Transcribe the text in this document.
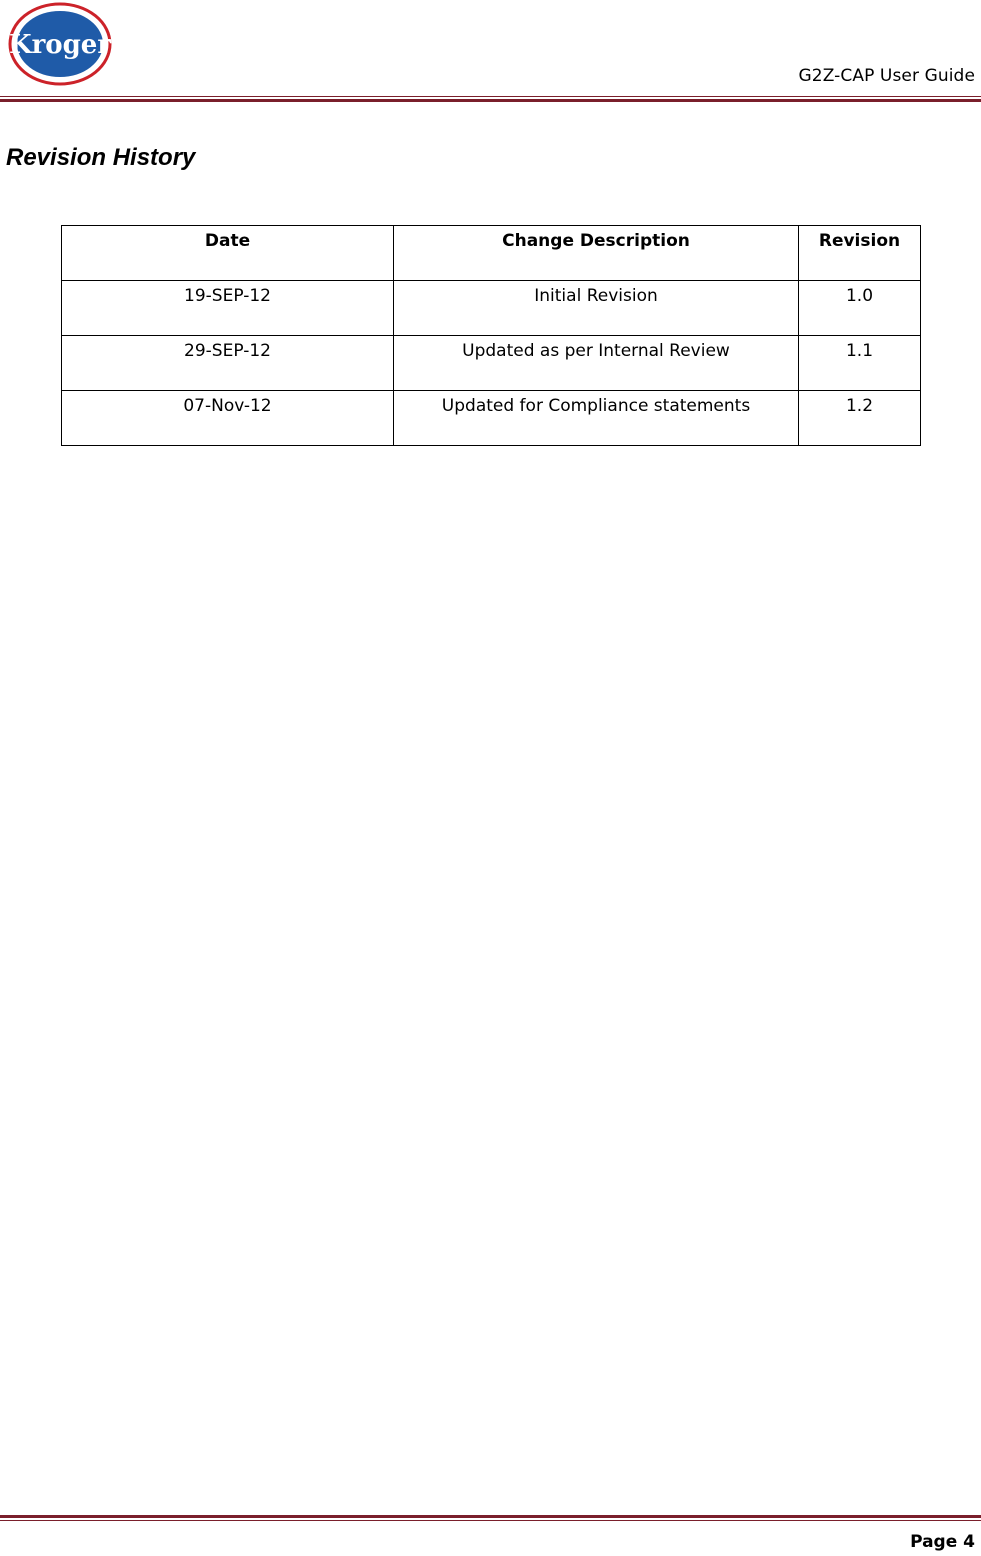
Kroger
G2Z-CAP User Guide
Revision History
Date	Change Description	Revision
19-SEP-12	Initial Revision	1.0
29-SEP-12	Updated as per Internal Review	1.1
07-Nov-12	Updated for Compliance statements	1.2
Page 4
